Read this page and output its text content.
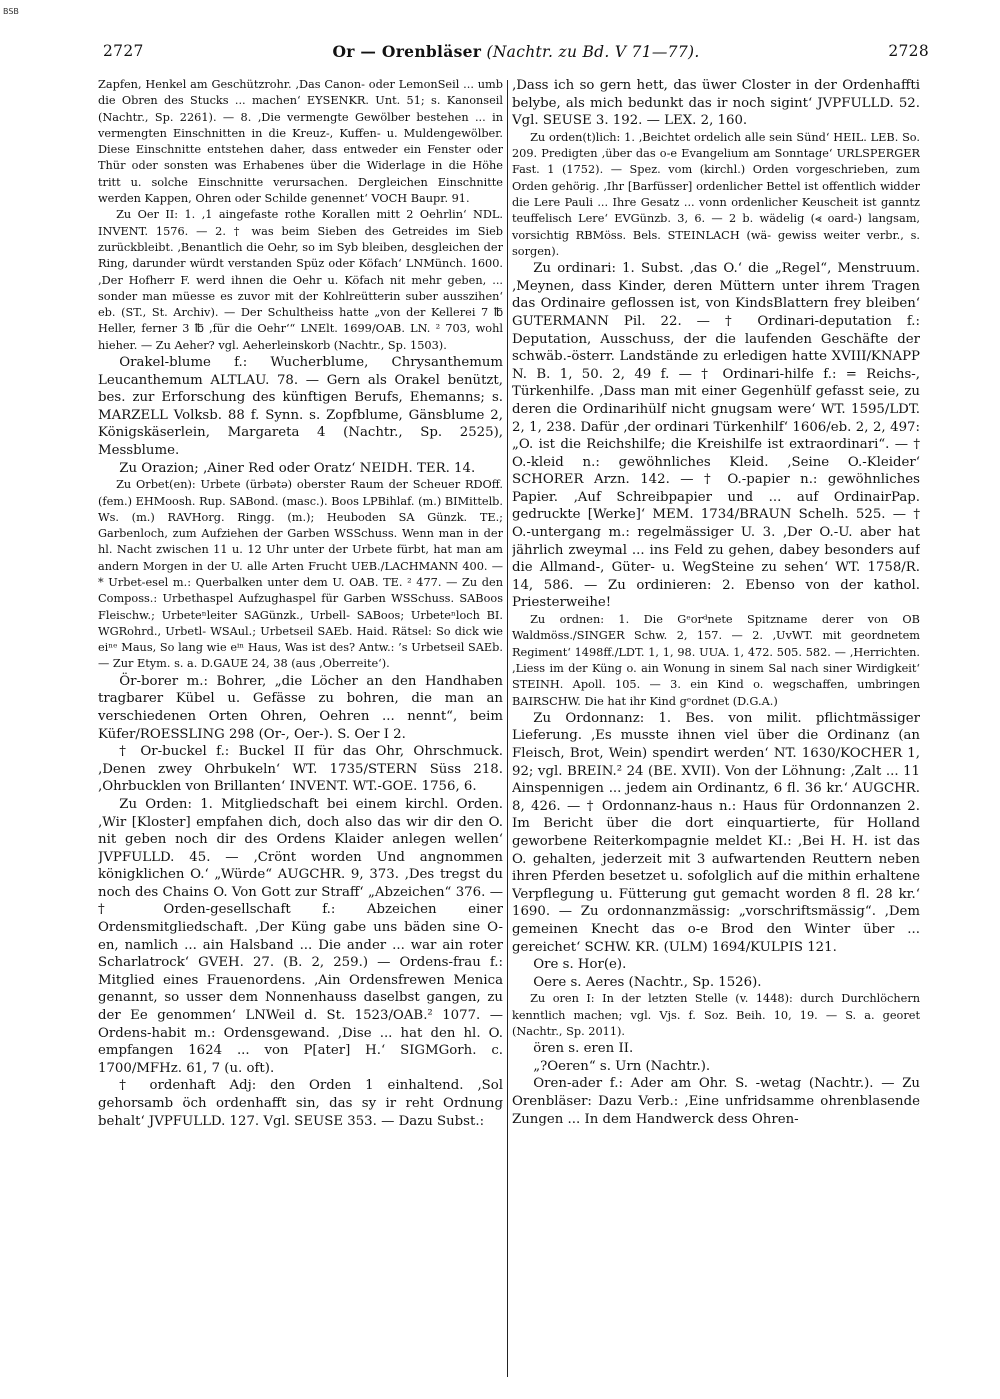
BSB
2727	Or — Orenbläser (Nachtr. zu Bd. V 71—77).	2728

Zapfen, Henkel am Geschützrohr. ‚Das Canon- oder LemonSeil ... umb die Obren des Stucks ... machen‘ EYSENKR. Unt. 51; s. Kanonseil (Nachtr., Sp. 2261). — 8. ‚Die vermengte Gewölber bestehen ... in vermengten Einschnitten in die Kreuz-, Kuffen- u. Muldengewölber. Diese Einschnitte entstehen daher, dass entweder ein Fenster oder Thür oder sonsten was Erhabenes über die Widerlage in die Höhe tritt u. solche Einschnitte verursachen. Dergleichen Einschnitte werden Kappen, Ohren oder Schilde genennet‘ VOCH Baupr. 91.

Zu Oer II: 1. ‚1 aingefaste rothe Korallen mitt 2 Oehrlin‘ NDL. INVENT. 1576. — 2. † was beim Sieben des Getreides im Sieb zurückbleibt. ‚Benantlich die Oehr, so im Syb bleiben, desgleichen der Ring, darunder würdt verstanden Spüz oder Köfach‘ LNMünch. 1600. ‚Der Hofherr F. werd ihnen die Oehr u. Köfach nit mehr geben, ... sonder man müesse es zuvor mit der Kohlreütterin suber ausszihen‘ eb. (ST., St. Archiv). — Der Schultheiss hatte „von der Kellerei 7 ℔ Heller, ferner 3 ℔ ‚für die Oehr‘“ LNElt. 1699/OAB. LN. ² 703, wohl hieher. — Zu Aeher? vgl. Aeherleinskorb (Nachtr., Sp. 1503).

Orakel-blume f.: Wucherblume, Chrysanthemum Leucanthemum ALTLAU. 78. — Gern als Orakel benützt, bes. zur Erforschung des künftigen Berufs, Ehemanns; s. MARZELL Volksb. 88 f. Synn. s. Zopfblume, Gänsblume 2, Königskäserlein, Margareta 4 (Nachtr., Sp. 2525), Messblume.

Zu Orazion; ‚Ainer Red oder Oratz‘ NEIDH. TER. 14.

Zu Orbet(en): Urbete (ürbətə) oberster Raum der Scheuer RDOff. (fem.) EHMoosh. Rup. SABond. (masc.). Boos LPBihlaf. (m.) BIMittelb. Ws. (m.) RAVHorg. Ringg. (m.); Heuboden SA Günzk. TE.; Garbenloch, zum Aufziehen der Garben WSSchuss. Wenn man in der hl. Nacht zwischen 11 u. 12 Uhr unter der Urbete fürbt, hat man am andern Morgen in der U. alle Arten Frucht UEB./LACHMANN 400. — * Urbet-esel m.: Querbalken unter dem U. OAB. TE. ² 477. — Zu den Composs.: Urbethaspel Aufzughaspel für Garben WSSchuss. SABoos Fleischw.; Urbeteⁿleiter SAGünzk., Urbell- SABoos; Urbeteⁿloch BI. WGRohrd., Urbetl- WSAul.; Urbetseil SAEb. Haid. Rätsel: So dick wie eiⁿᵉ Maus, So lang wie eⁱⁿ Haus, Was ist des? Antw.: ’s Urbetseil SAEb. — Zur Etym. s. a. D.GAUE 24, 38 (aus ‚Oberreite‘).

Ör-borer m.: Bohrer, „die Löcher an den Handhaben tragbarer Kübel u. Gefässe zu bohren, die man an verschiedenen Orten Ohren, Oehren ... nennt“, beim Küfer/ROESSLING 298 (Or-, Oer-). S. Oer I 2.

† Or-buckel f.: Buckel II für das Ohr, Ohrschmuck. ‚Denen zwey Ohrbukeln‘ WT. 1735/STERN Süss 218. ‚Ohrbucklen von Brillanten‘ INVENT. WT.-GOE. 1756, 6.

Zu Orden: 1. Mitgliedschaft bei einem kirchl. Orden. ‚Wir [Kloster] empfahen dich, doch also das wir dir den O. nit geben noch dir des Ordens Klaider anlegen wellen‘ JVPFULLD. 45. — ‚Crönt worden Und angnommen königklichen O.‘ „Würde“ AUGCHR. 9, 373. ‚Des tregst du noch des Chains O. Von Gott zur Straff‘ „Abzeichen“ 376. — † Orden-gesellschaft f.: Abzeichen einer Ordensmitgliedschaft. ‚Der Küng gabe uns bäden sine O-en, namlich ... ain Halsband ... Die ander ... war ain roter Scharlatrock‘ GVEH. 27. (B. 2, 259.) — Ordens-frau f.: Mitglied eines Frauenordens. ‚Ain Ordensfrewen Menica genannt, so usser dem Nonnenhauss daselbst gangen, zu der Ee genommen‘ LNWeil d. St. 1523/OAB.² 1077. — Ordens-habit m.: Ordensgewand. ‚Dise ... hat den hl. O. empfangen 1624 ... von P[ater] H.‘ SIGMGorh. c. 1700/MFHz. 61, 7 (u. oft).

† ordenhaft Adj: den Orden 1 einhaltend. ‚Sol gehorsamb öch ordenhafft sin, das sy ir reht Ordnung behalt‘ JVPFULLD. 127. Vgl. SEUSE 353. — Dazu Subst.:

‚Dass ich so gern hett, das üwer Closter in der Ordenhaffti belybe, als mich bedunkt das ir noch sigint‘ JVPFULLD. 52. Vgl. SEUSE 3. 192. — LEX. 2, 160.

Zu orden(t)lich: 1. ‚Beichtet ordelich alle sein Sünd‘ HEIL. LEB. So. 209. Predigten ‚über das o-e Evangelium am Sonntage‘ URLSPERGER Fast. 1 (1752). — Spez. vom (kirchl.) Orden vorgeschrieben, zum Orden gehörig. ‚Ihr [Barfüsser] ordenlicher Bettel ist offentlich widder die Lere Pauli ... Ihre Gesatz ... vonn ordenlicher Keuscheit ist ganntz teuffelisch Lere‘ EVGünzb. 3, 6. — 2 b. wädelig (⪡ oard-) langsam, vorsichtig RBMöss. Bels. STEINLACH (wä- gewiss weiter verbr., s. sorgen).

Zu ordinari: 1. Subst. ‚das O.‘ die „Regel“, Menstruum. ‚Meynen, dass Kinder, deren Müttern unter ihrem Tragen das Ordinaire geflossen ist, von KindsBlattern frey bleiben‘ GUTERMANN Pil. 22. — † Ordinari-deputation f.: Deputation, Ausschuss, der die laufenden Geschäfte der schwäb.-österr. Landstände zu erledigen hatte XVIII/KNAPP N. B. 1, 50. 2, 49 f. — † Ordinari-hilfe f.: = Reichs-, Türkenhilfe. ‚Dass man mit einer Gegenhülf gefasst seie, zu deren die Ordinarihülf nicht gnugsam were‘ WT. 1595/LDT. 2, 1, 238. Dafür ‚der ordinari Türkenhilf‘ 1606/eb. 2, 2, 497: „O. ist die Reichshilfe; die Kreishilfe ist extraordinari“. — † O.-kleid n.: gewöhnliches Kleid. ‚Seine O.-Kleider‘ SCHORER Arzn. 142. — † O.-papier n.: gewöhnliches Papier. ‚Auf Schreibpapier und ... auf OrdinairPap. gedruckte [Werke]‘ MEM. 1734/BRAUN Schelh. 525. — † O.-untergang m.: regelmässiger U. 3. ‚Der O.-U. aber hat jährlich zweymal ... ins Feld zu gehen, dabey besonders auf die Allmand-, Güter- u. WegSteine zu sehen‘ WT. 1758/R. 14, 586. — Zu ordinieren: 2. Ebenso von der kathol. Priesterweihe!

Zu ordnen: 1. Die Gᵉorᵈnete Spitzname derer von OB Waldmöss./SINGER Schw. 2, 157. — 2. ‚UvWT. mit geordnetem Regiment‘ 1498ff./LDT. 1, 1, 98. UUA. 1, 472. 505. 582. — ‚Herrichten. ‚Liess im der Küng o. ain Wonung in sinem Sal nach siner Wirdigkeit‘ STEINH. Apoll. 105. — 3. ein Kind o. wegschaffen, umbringen BAIRSCHW. Die hat ihr Kind gᵉordnet (D.G.A.)

Zu Ordonnanz: 1. Bes. von milit. pflichtmässiger Lieferung. ‚Es musste ihnen viel über die Ordinanz (an Fleisch, Brot, Wein) spendirt werden‘ NT. 1630/KOCHER 1, 92; vgl. BREIN.² 24 (BE. XVII). Von der Löhnung: ‚Zalt ... 11 Ainspennigen ... jedem ain Ordinantz, 6 fl. 36 kr.‘ AUGCHR. 8, 426. — † Ordonnanz-haus n.: Haus für Ordonnanzen 2. Im Bericht über die dort einquartierte, für Holland geworbene Reiterkompagnie meldet KI.: ‚Bei H. H. ist das O. gehalten, jederzeit mit 3 aufwartenden Reuttern neben ihren Pferden besetzet u. sofolglich auf die mithin erhaltene Verpflegung u. Fütterung gut gemacht worden 8 fl. 28 kr.‘ 1690. — Zu ordonnanzmässig: „vorschriftsmässig“. ‚Dem gemeinen Knecht das o-e Brod den Winter über ... gereichet‘ SCHW. KR. (ULM) 1694/KULPIS 121.

Ore s. Hor(e).

Oere s. Aeres (Nachtr., Sp. 1526).

Zu oren I: In der letzten Stelle (v. 1448): durch Durchlöchern kenntlich machen; vgl. Vjs. f. Soz. Beih. 10, 19. — S. a. georet (Nachtr., Sp. 2011).

ören s. eren II.

„?Oeren“ s. Urn (Nachtr.).

Oren-ader f.: Ader am Ohr. S. -wetag (Nachtr.). — Zu Orenbläser: Dazu Verb.: ‚Eine unfridsamme ohrenblasende Zungen ... In dem Handwerck dess Ohren-
